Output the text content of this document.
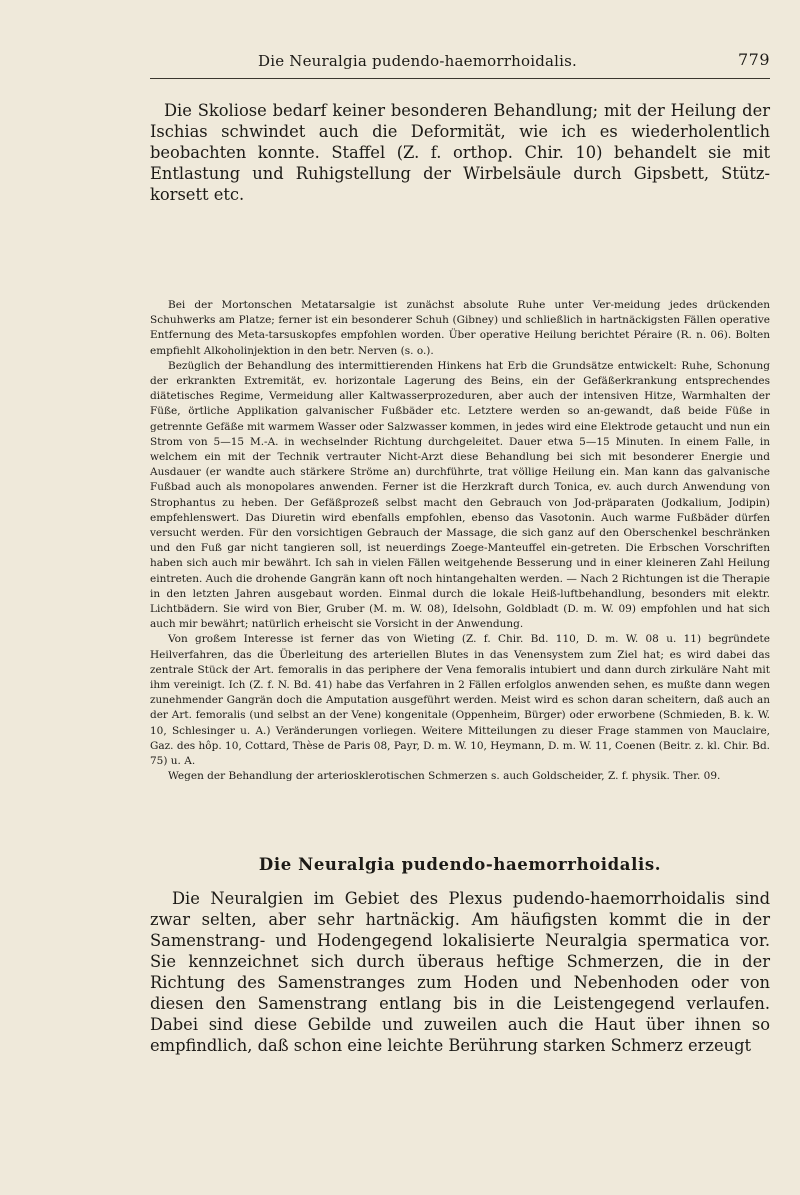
Die Neuralgia pudendo-haemorrhoidalis.	779

Die Skoliose bedarf keiner besonderen Behandlung; mit der Heilung der Ischias schwindet auch die Deformität, wie ich es wiederholentlich beobachten konnte. Staffel (Z. f. orthop. Chir. 10) behandelt sie mit Entlastung und Ruhigstellung der Wirbelsäule durch Gipsbett, Stütz-korsett etc.

Bei der Mortonschen Metatarsalgie ist zunächst absolute Ruhe unter Ver-meidung jedes drückenden Schuhwerks am Platze; ferner ist ein besonderer Schuh (Gibney) und schließlich in hartnäckigsten Fällen operative Entfernung des Meta-tarsuskopfes empfohlen worden. Über operative Heilung berichtet Péraire (R. n. 06). Bolten empfiehlt Alkoholinjektion in den betr. Nerven (s. o.).

Bezüglich der Behandlung des intermittierenden Hinkens hat Erb die Grundsätze entwickelt: Ruhe, Schonung der erkrankten Extremität, ev. horizontale Lagerung des Beins, ein der Gefäßerkrankung entsprechendes diätetisches Regime, Vermeidung aller Kaltwasserprozeduren, aber auch der intensiven Hitze, Warmhalten der Füße, örtliche Applikation galvanischer Fußbäder etc. Letztere werden so an-gewandt, daß beide Füße in getrennte Gefäße mit warmem Wasser oder Salzwasser kommen, in jedes wird eine Elektrode getaucht und nun ein Strom von 5—15 M.-A. in wechselnder Richtung durchgeleitet. Dauer etwa 5—15 Minuten. In einem Falle, in welchem ein mit der Technik vertrauter Nicht-Arzt diese Behandlung bei sich mit besonderer Energie und Ausdauer (er wandte auch stärkere Ströme an) durchführte, trat völlige Heilung ein. Man kann das galvanische Fußbad auch als monopolares anwenden. Ferner ist die Herzkraft durch Tonica, ev. auch durch Anwendung von Strophantus zu heben. Der Gefäßprozeß selbst macht den Gebrauch von Jod-präparaten (Jodkalium, Jodipin) empfehlenswert. Das Diuretin wird ebenfalls empfohlen, ebenso das Vasotonin. Auch warme Fußbäder dürfen versucht werden. Für den vorsichtigen Gebrauch der Massage, die sich ganz auf den Oberschenkel beschränken und den Fuß gar nicht tangieren soll, ist neuerdings Zoege-Manteuffel ein-getreten. Die Erbschen Vorschriften haben sich auch mir bewährt. Ich sah in vielen Fällen weitgehende Besserung und in einer kleineren Zahl Heilung eintreten. Auch die drohende Gangrän kann oft noch hintangehalten werden. — Nach 2 Richtungen ist die Therapie in den letzten Jahren ausgebaut worden. Einmal durch die lokale Heiß-luftbehandlung, besonders mit elektr. Lichtbädern. Sie wird von Bier, Gruber (M. m. W. 08), Idelsohn, Goldbladt (D. m. W. 09) empfohlen und hat sich auch mir bewährt; natürlich erheischt sie Vorsicht in der Anwendung.

Von großem Interesse ist ferner das von Wieting (Z. f. Chir. Bd. 110, D. m. W. 08 u. 11) begründete Heilverfahren, das die Überleitung des arteriellen Blutes in das Venensystem zum Ziel hat; es wird dabei das zentrale Stück der Art. femoralis in das periphere der Vena femoralis intubiert und dann durch zirkuläre Naht mit ihm vereinigt. Ich (Z. f. N. Bd. 41) habe das Verfahren in 2 Fällen erfolglos anwenden sehen, es mußte dann wegen zunehmender Gangrän doch die Amputation ausgeführt werden. Meist wird es schon daran scheitern, daß auch an der Art. femoralis (und selbst an der Vene) kongenitale (Oppenheim, Bürger) oder erworbene (Schmieden, B. k. W. 10, Schlesinger u. A.) Veränderungen vorliegen. Weitere Mitteilungen zu dieser Frage stammen von Mauclaire, Gaz. des hôp. 10, Cottard, Thèse de Paris 08, Payr, D. m. W. 10, Heymann, D. m. W. 11, Coenen (Beitr. z. kl. Chir. Bd. 75) u. A.

Wegen der Behandlung der arteriosklerotischen Schmerzen s. auch Goldscheider, Z. f. physik. Ther. 09.

Die Neuralgia pudendo-haemorrhoidalis.

Die Neuralgien im Gebiet des Plexus pudendo-haemorrhoidalis sind zwar selten, aber sehr hartnäckig. Am häufigsten kommt die in der Samenstrang- und Hodengegend lokalisierte Neuralgia spermatica vor. Sie kennzeichnet sich durch überaus heftige Schmerzen, die in der Richtung des Samenstranges zum Hoden und Nebenhoden oder von diesen den Samenstrang entlang bis in die Leistengegend verlaufen. Dabei sind diese Gebilde und zuweilen auch die Haut über ihnen so empfindlich, daß schon eine leichte Berührung starken Schmerz erzeugt
